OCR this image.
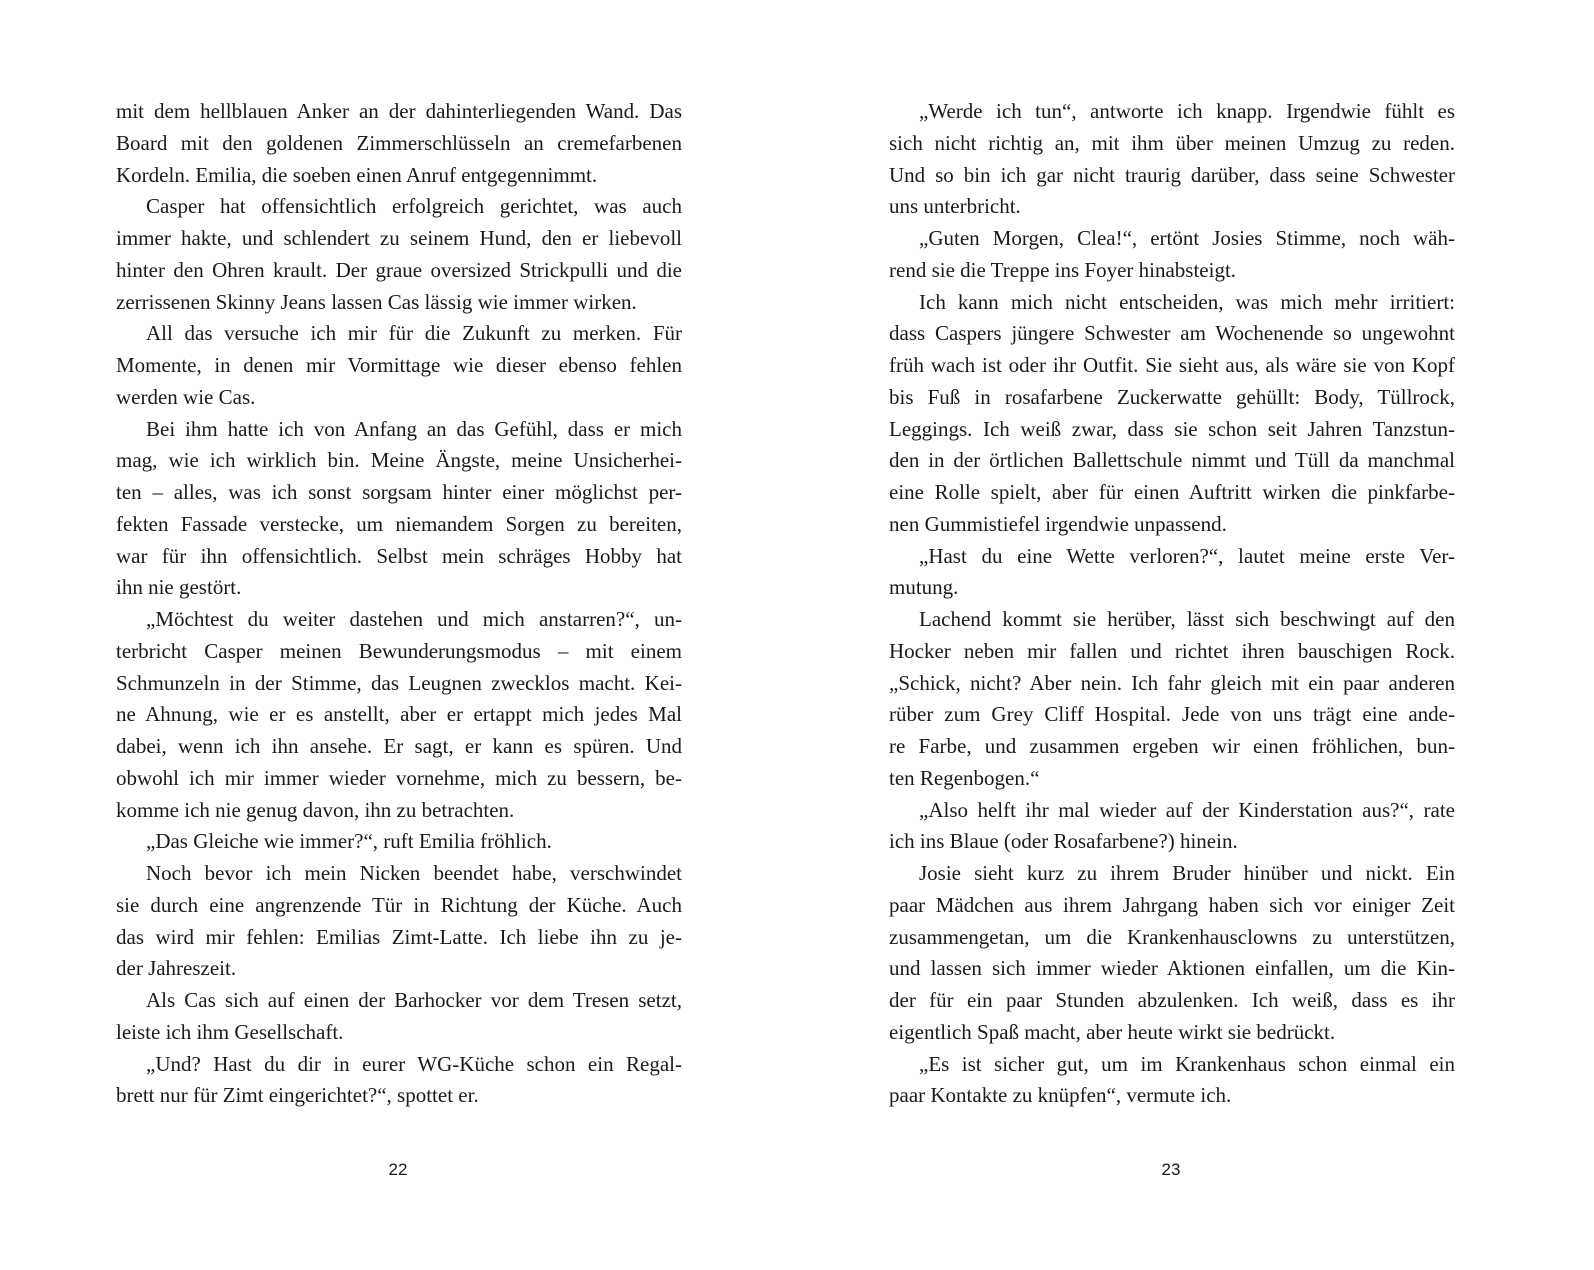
mit dem hellblauen Anker an der dahinterliegenden Wand. Das
Board mit den goldenen Zimmerschlüsseln an cremefarbenen
Kordeln. Emilia, die soeben einen Anruf entgegennimmt.
Casper hat offensichtlich erfolgreich gerichtet, was auch
immer hakte, und schlendert zu seinem Hund, den er liebevoll
hinter den Ohren krault. Der graue oversized Strickpulli und die
zerrissenen Skinny Jeans lassen Cas lässig wie immer wirken.
All das versuche ich mir für die Zukunft zu merken. Für
Momente, in denen mir Vormittage wie dieser ebenso fehlen
werden wie Cas.
Bei ihm hatte ich von Anfang an das Gefühl, dass er mich
mag, wie ich wirklich bin. Meine Ängste, meine Unsicherhei-
ten – alles, was ich sonst sorgsam hinter einer möglichst per-
fekten Fassade verstecke, um niemandem Sorgen zu bereiten,
war für ihn offensichtlich. Selbst mein schräges Hobby hat
ihn nie gestört.
„Möchtest du weiter dastehen und mich anstarren?“, un-
terbricht Casper meinen Bewunderungsmodus – mit einem
Schmunzeln in der Stimme, das Leugnen zwecklos macht. Kei-
ne Ahnung, wie er es anstellt, aber er ertappt mich jedes Mal
dabei, wenn ich ihn ansehe. Er sagt, er kann es spüren. Und
obwohl ich mir immer wieder vornehme, mich zu bessern, be-
komme ich nie genug davon, ihn zu betrachten.
„Das Gleiche wie immer?“, ruft Emilia fröhlich.
Noch bevor ich mein Nicken beendet habe, verschwindet
sie durch eine angrenzende Tür in Richtung der Küche. Auch
das wird mir fehlen: Emilias Zimt-Latte. Ich liebe ihn zu je-
der Jahreszeit.
Als Cas sich auf einen der Barhocker vor dem Tresen setzt,
leiste ich ihm Gesellschaft.
„Und? Hast du dir in eurer WG-Küche schon ein Regal-
brett nur für Zimt eingerichtet?“, spottet er.
„Werde ich tun“, antworte ich knapp. Irgendwie fühlt es
sich nicht richtig an, mit ihm über meinen Umzug zu reden.
Und so bin ich gar nicht traurig darüber, dass seine Schwester
uns unterbricht.
„Guten Morgen, Clea!“, ertönt Josies Stimme, noch wäh-
rend sie die Treppe ins Foyer hinabsteigt.
Ich kann mich nicht entscheiden, was mich mehr irritiert:
dass Caspers jüngere Schwester am Wochenende so ungewohnt
früh wach ist oder ihr Outfit. Sie sieht aus, als wäre sie von Kopf
bis Fuß in rosafarbene Zuckerwatte gehüllt: Body, Tüllrock,
Leggings. Ich weiß zwar, dass sie schon seit Jahren Tanzstun-
den in der örtlichen Ballettschule nimmt und Tüll da manchmal
eine Rolle spielt, aber für einen Auftritt wirken die pinkfarbe-
nen Gummistiefel irgendwie unpassend.
„Hast du eine Wette verloren?“, lautet meine erste Ver-
mutung.
Lachend kommt sie herüber, lässt sich beschwingt auf den
Hocker neben mir fallen und richtet ihren bauschigen Rock.
„Schick, nicht? Aber nein. Ich fahr gleich mit ein paar anderen
rüber zum Grey Cliff Hospital. Jede von uns trägt eine ande-
re Farbe, und zusammen ergeben wir einen fröhlichen, bun-
ten Regenbogen.“
„Also helft ihr mal wieder auf der Kinderstation aus?“, rate
ich ins Blaue (oder Rosafarbene?) hinein.
Josie sieht kurz zu ihrem Bruder hinüber und nickt. Ein
paar Mädchen aus ihrem Jahrgang haben sich vor einiger Zeit
zusammengetan, um die Krankenhausclowns zu unterstützen,
und lassen sich immer wieder Aktionen einfallen, um die Kin-
der für ein paar Stunden abzulenken. Ich weiß, dass es ihr
eigentlich Spaß macht, aber heute wirkt sie bedrückt.
„Es ist sicher gut, um im Krankenhaus schon einmal ein
paar Kontakte zu knüpfen“, vermute ich.
22	23
